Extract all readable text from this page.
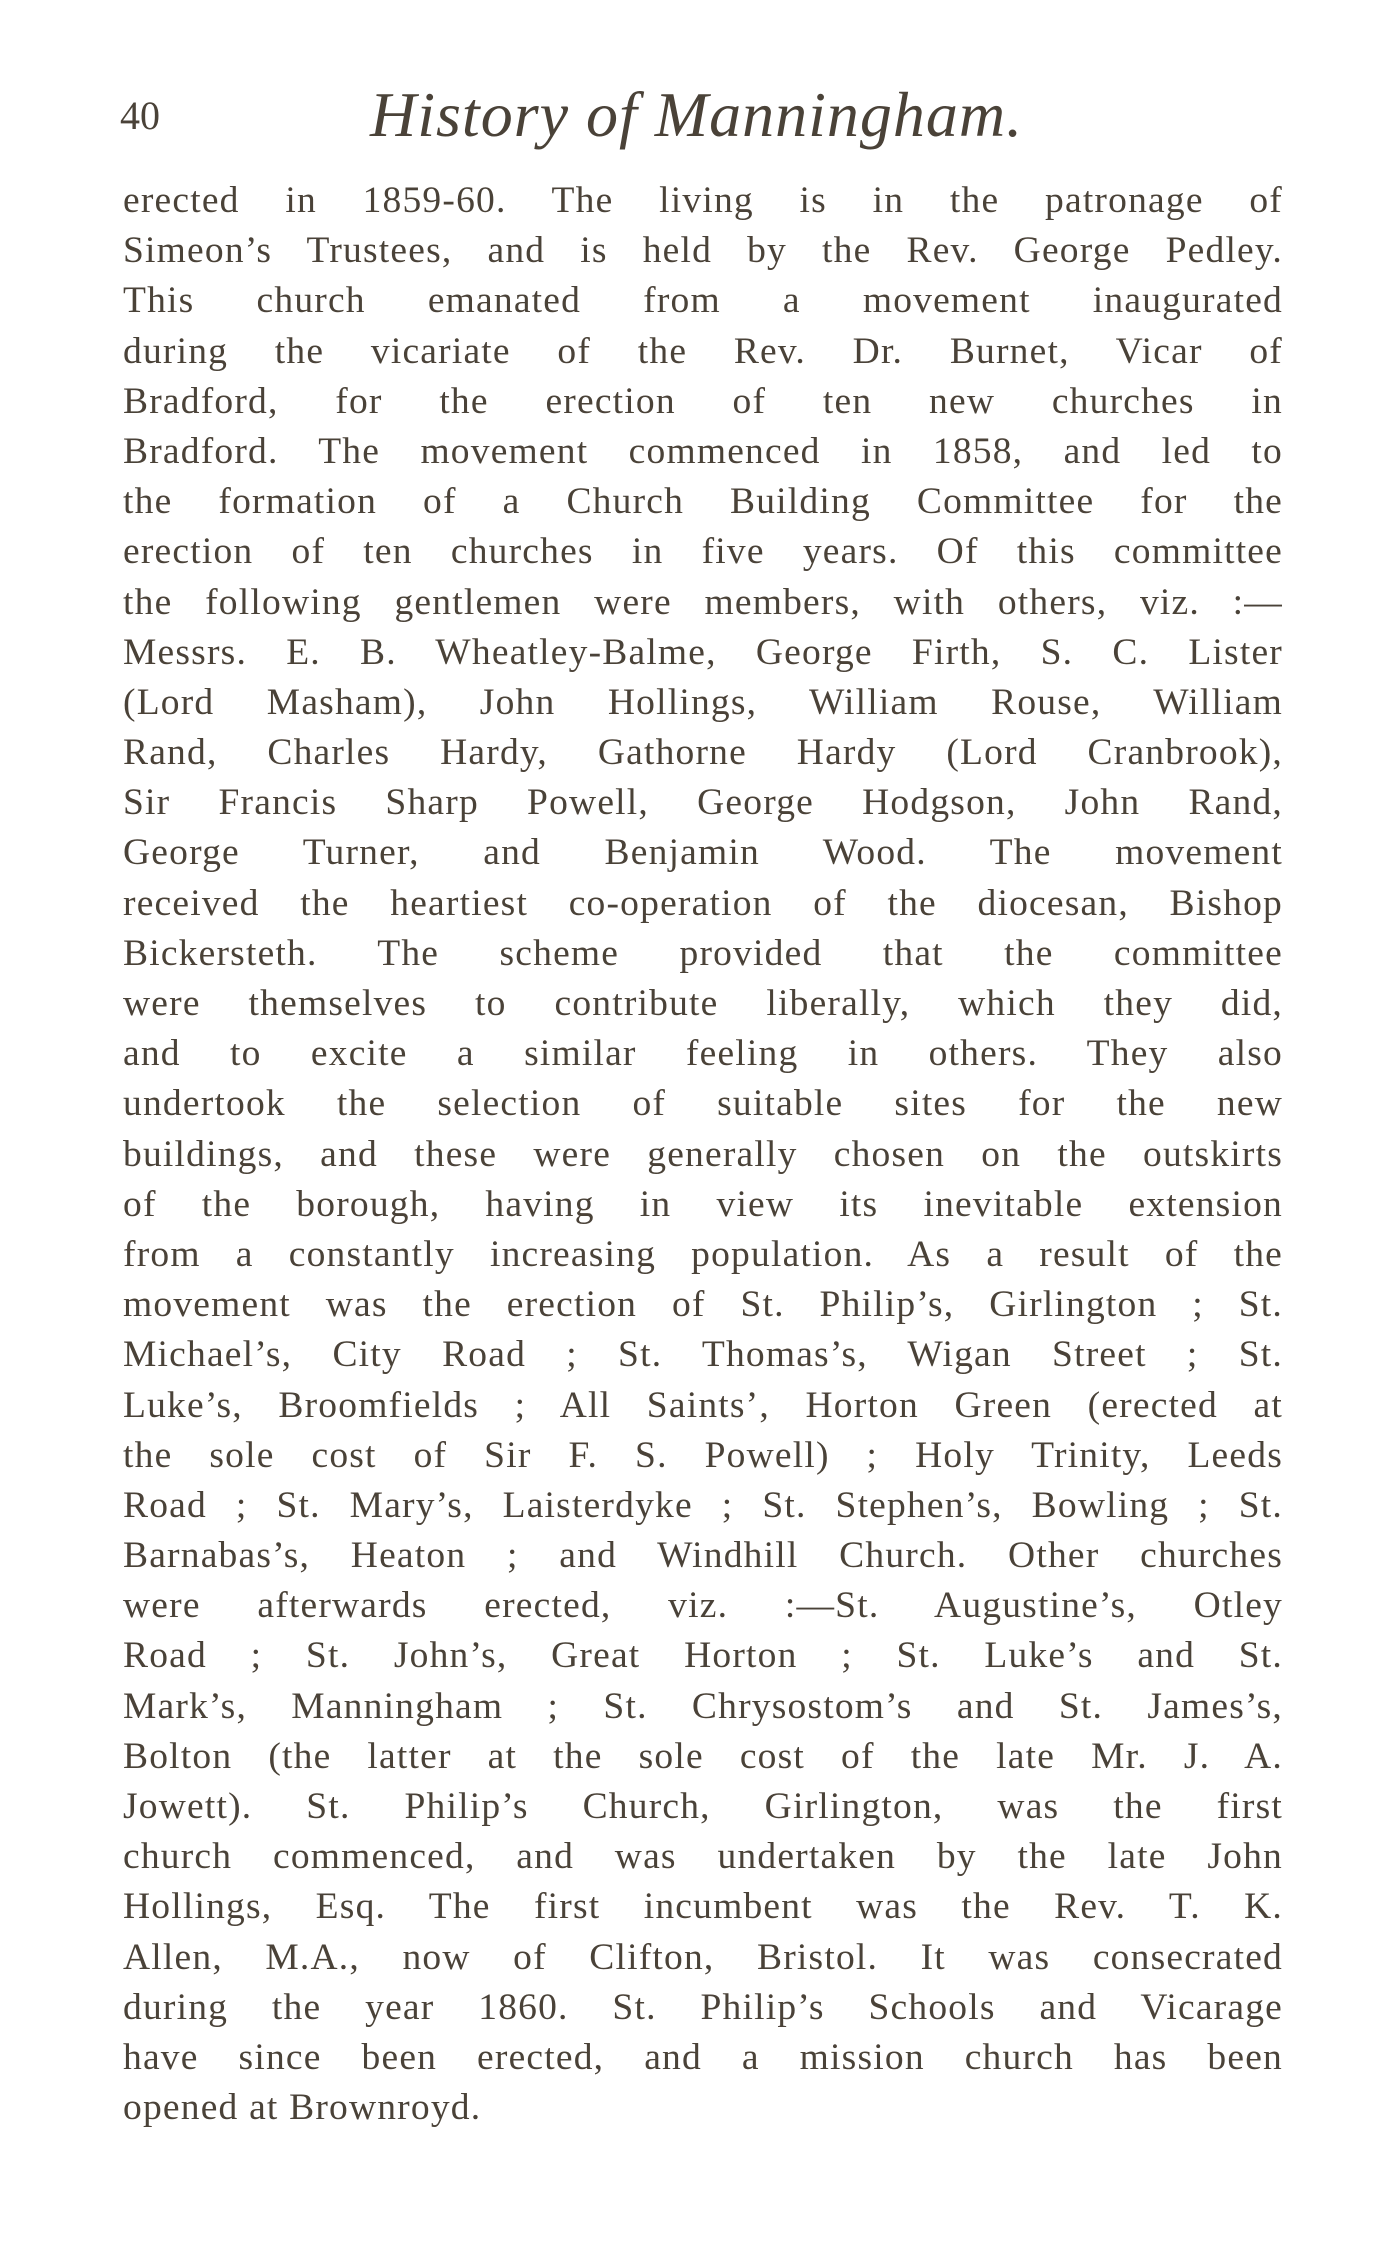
40	History of Manningham.
erected in 1859-60. The living is in the patronage of
Simeon’s Trustees, and is held by the Rev. George Pedley.
This church emanated from a movement inaugurated
during the vicariate of the Rev. Dr. Burnet, Vicar of
Bradford, for the erection of ten new churches in
Bradford. The movement commenced in 1858, and led to
the formation of a Church Building Committee for the
erection of ten churches in five years. Of this committee
the following gentlemen were members, with others, viz. :—
Messrs. E. B. Wheatley-Balme, George Firth, S. C. Lister
(Lord Masham), John Hollings, William Rouse, William
Rand, Charles Hardy, Gathorne Hardy (Lord Cranbrook),
Sir Francis Sharp Powell, George Hodgson, John Rand,
George Turner, and Benjamin Wood. The movement
received the heartiest co-operation of the diocesan, Bishop
Bickersteth. The scheme provided that the committee
were themselves to contribute liberally, which they did,
and to excite a similar feeling in others. They also
undertook the selection of suitable sites for the new
buildings, and these were generally chosen on the outskirts
of the borough, having in view its inevitable extension
from a constantly increasing population. As a result of the
movement was the erection of St. Philip’s, Girlington ; St.
Michael’s, City Road ; St. Thomas’s, Wigan Street ; St.
Luke’s, Broomfields ; All Saints’, Horton Green (erected at
the sole cost of Sir F. S. Powell) ; Holy Trinity, Leeds
Road ; St. Mary’s, Laisterdyke ; St. Stephen’s, Bowling ; St.
Barnabas’s, Heaton ; and Windhill Church. Other churches
were afterwards erected, viz. :—St. Augustine’s, Otley
Road ; St. John’s, Great Horton ; St. Luke’s and St.
Mark’s, Manningham ; St. Chrysostom’s and St. James’s,
Bolton (the latter at the sole cost of the late Mr. J. A.
Jowett). St. Philip’s Church, Girlington, was the first
church commenced, and was undertaken by the late John
Hollings, Esq. The first incumbent was the Rev. T. K.
Allen, M.A., now of Clifton, Bristol. It was consecrated
during the year 1860. St. Philip’s Schools and Vicarage
have since been erected, and a mission church has been
opened at Brownroyd.
